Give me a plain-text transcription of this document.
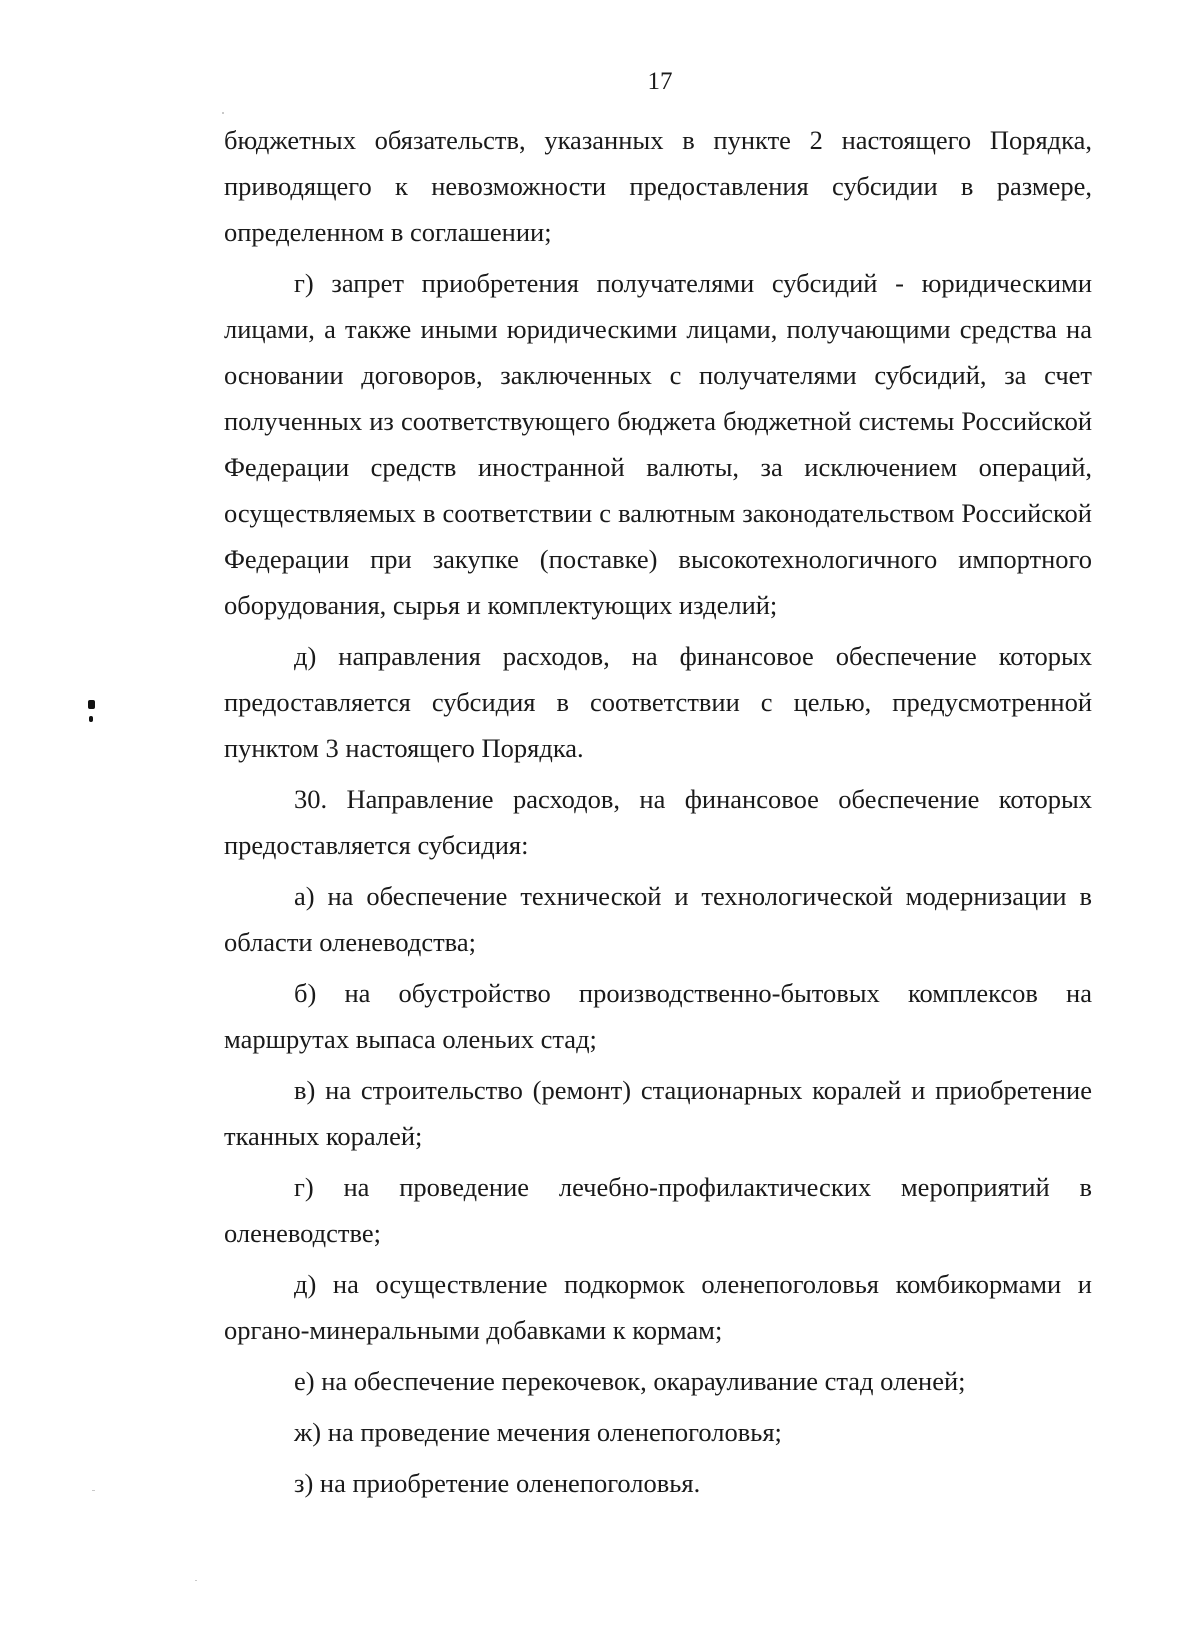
17

бюджетных обязательств, указанных в пункте 2 настоящего Порядка, приводящего к невозможности предоставления субсидии в размере, определенном в соглашении;

г) запрет приобретения получателями субсидий - юридическими лицами, а также иными юридическими лицами, получающими средства на основании договоров, заключенных с получателями субсидий, за счет полученных из соответствующего бюджета бюджетной системы Российской Федерации средств иностранной валюты, за исключением операций, осуществляемых в соответствии с валютным законодательством Российской Федерации при закупке (поставке) высокотехнологичного импортного оборудования, сырья и комплектующих изделий;

д) направления расходов, на финансовое обеспечение которых предоставляется субсидия в соответствии с целью, предусмотренной пунктом 3 настоящего Порядка.

30. Направление расходов, на финансовое обеспечение которых предоставляется субсидия:

а) на обеспечение технической и технологической модернизации в области оленеводства;

б) на обустройство производственно-бытовых комплексов на маршрутах выпаса оленьих стад;

в) на строительство (ремонт) стационарных коралей и приобретение тканных коралей;

г) на проведение лечебно-профилактических мероприятий в оленеводстве;

д) на осуществление подкормок оленепоголовья комбикормами и органо-минеральными добавками к кормам;

е) на обеспечение перекочевок, окарауливание стад оленей;

ж) на проведение мечения оленепоголовья;

з) на приобретение оленепоголовья.
